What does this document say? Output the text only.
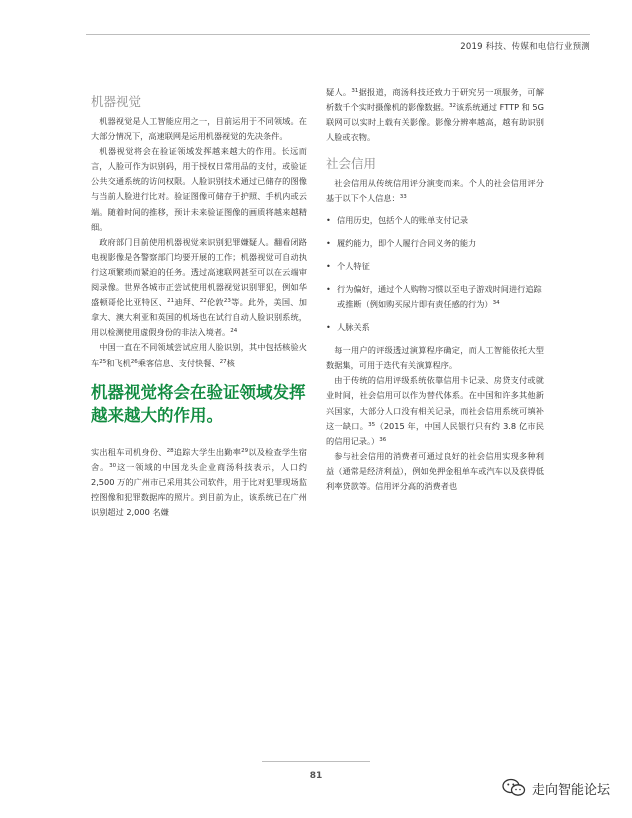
2019 科技、传媒和电信行业预测
机器视觉

机器视觉是人工智能应用之一，目前运用于不同领域。在大部分情况下，高速联网是运用机器视觉的先决条件。

机器视觉将会在验证领域发挥越来越大的作用。长远而言，人脸可作为识别码，用于授权日常用品的支付，或验证公共交通系统的访问权限。人脸识别技术通过已储存的图像与当前人脸进行比对。验证图像可储存于护照、手机内或云端。随着时间的推移，预计未来验证图像的画质将越来越精细。

政府部门目前使用机器视觉来识别犯罪嫌疑人。翻看闭路电视影像是各警察部门均要开展的工作；机器视觉可自动执行这项繁琐而紧迫的任务。透过高速联网甚至可以在云端审阅录像。世界各城市正尝试使用机器视觉识别罪犯，例如华盛顿哥伦比亚特区、$^{21}$迪拜、$^{22}$伦敦$^{23}$等。此外，美国、加拿大、澳大利亚和英国的机场也在试行自动人脸识别系统，用以检测使用虚假身份的非法入境者。$^{24}$

中国一直在不同领域尝试应用人脸识别，其中包括核验火车$^{25}$和飞机$^{26}$乘客信息、支付快餐、$^{27}$核

机器视觉将会在验证领域发挥越来越大的作用。

实出租车司机身份、$^{28}$追踪大学生出勤率$^{29}$以及检查学生宿舍。$^{30}$这一领域的中国龙头企业商汤科技表示，人口约 2,500 万的广州市已采用其公司软件，用于比对犯罪现场监控图像和犯罪数据库的照片。到目前为止，该系统已在广州识别超过 2,000 名嫌

疑人。$^{31}$据报道，商汤科技还致力于研究另一项服务，可解析数千个实时摄像机的影像数据。$^{32}$该系统通过 FTTP 和 5G 联网可以实时上载有关影像。影像分辨率越高，越有助识别人脸或衣物。

社会信用

社会信用从传统信用评分演变而来。个人的社会信用评分基于以下个人信息：$^{33}$

• 信用历史，包括个人的账单支付记录
• 履约能力，即个人履行合同义务的能力
• 个人特征
• 行为偏好，通过个人购物习惯以至电子游戏时间进行追踪或推断（例如购买尿片即有责任感的行为）$^{34}$
• 人脉关系

每一用户的评级透过演算程序确定，而人工智能依托大型数据集，可用于迭代有关演算程序。

由于传统的信用评级系统依靠信用卡记录、房贷支付或就业时间，社会信用可以作为替代体系。在中国和许多其他新兴国家，大部分人口没有相关记录，而社会信用系统可填补这一缺口。$^{35}$（2015 年，中国人民银行只有约 3.8 亿市民的信用记录。）$^{36}$

参与社会信用的消费者可通过良好的社会信用实现多种利益（通常是经济利益），例如免押金租单车或汽车以及获得低利率贷款等。信用评分高的消费者也

81
走向智能论坛
